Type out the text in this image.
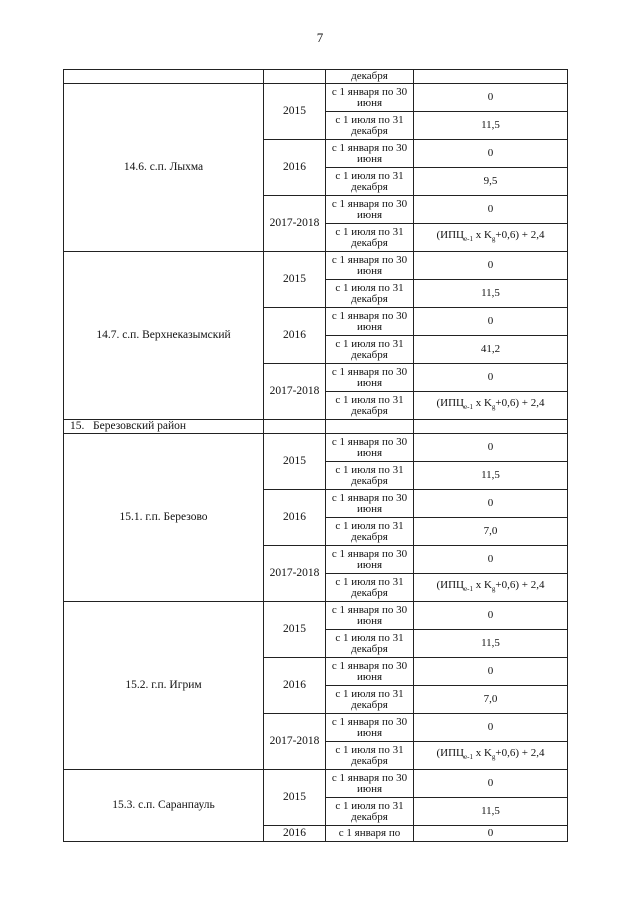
7
		декабря	
14.6. с.п. Лыхма	2015	с 1 января по 30 июня	0
		с 1 июля по 31 декабря	11,5
	2016	с 1 января по 30 июня	0
		с 1 июля по 31 декабря	9,5
	2017-2018	с 1 января по 30 июня	0
		с 1 июля по 31 декабря	($ИПЦ_{e-1}$ x $K_g+0,6) + 2,4$
14.7. с.п. Верхнеказымский	2015	с 1 января по 30 июня	0
		с 1 июля по 31 декабря	11,5
	2016	с 1 января по 30 июня	0
		с 1 июля по 31 декабря	41,2
	2017-2018	с 1 января по 30 июня	0
		с 1 июля по 31 декабря	($ИПЦ_{e-1}$ x $K_g+0,6) + 2,4$
15. Березовский район			
15.1. г.п. Березово	2015	с 1 января по 30 июня	0
		с 1 июля по 31 декабря	11,5
	2016	с 1 января по 30 июня	0
		с 1 июля по 31 декабря	7,0
	2017-2018	с 1 января по 30 июня	0
		с 1 июля по 31 декабря	($ИПЦ_{e-1}$ x $K_g+0,6) + 2,4$
15.2. г.п. Игрим	2015	с 1 января по 30 июня	0
		с 1 июля по 31 декабря	11,5
	2016	с 1 января по 30 июня	0
		с 1 июля по 31 декабря	7,0
	2017-2018	с 1 января по 30 июня	0
		с 1 июля по 31 декабря	($ИПЦ_{e-1}$ x $K_g+0,6) + 2,4$
15.3. с.п. Саранпауль	2015	с 1 января по 30 июня	0
		с 1 июля по 31 декабря	11,5
	2016	с 1 января по	0
